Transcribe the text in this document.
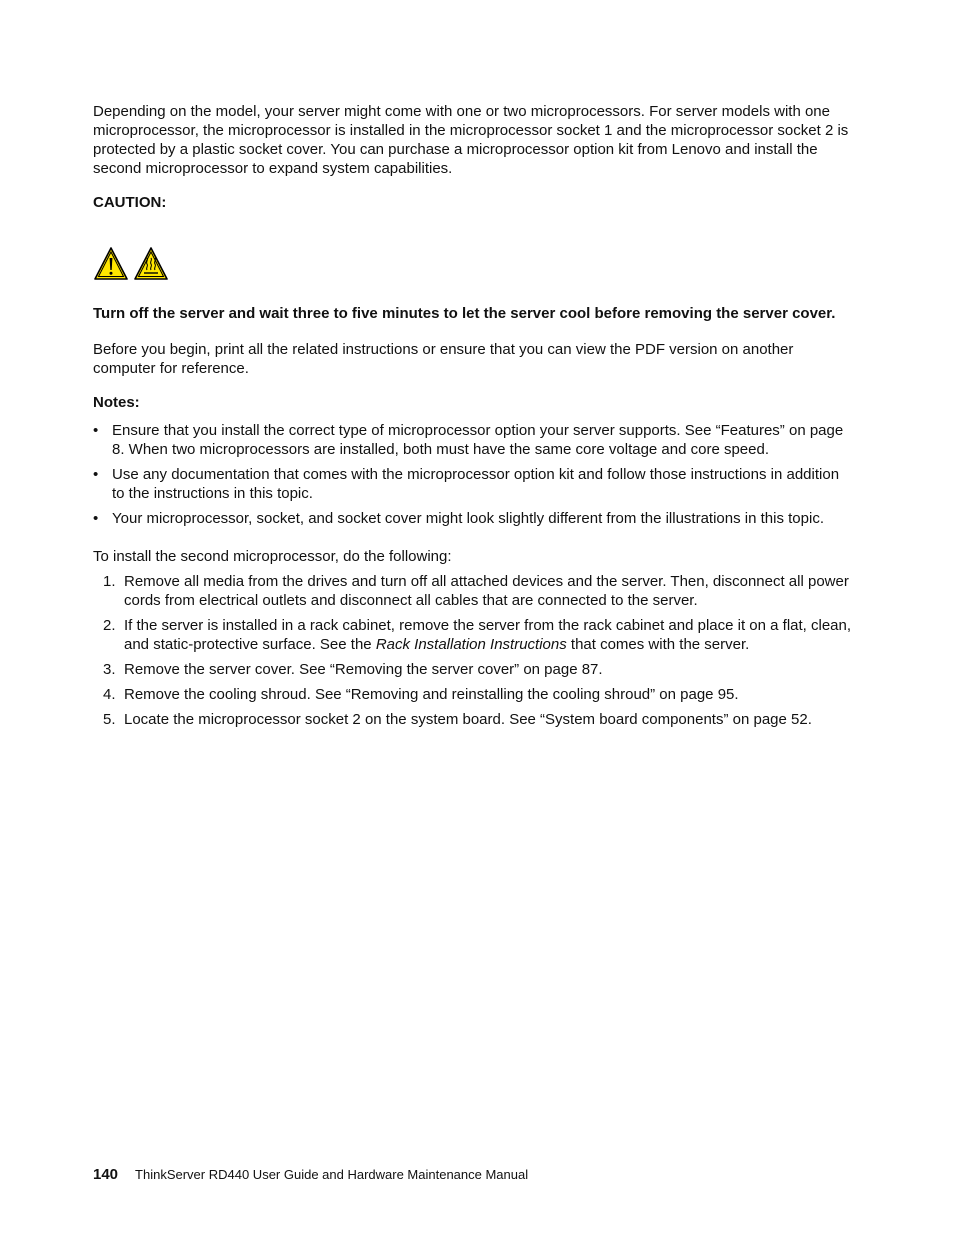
Depending on the model, your server might come with one or two microprocessors. For server models with one microprocessor, the microprocessor is installed in the microprocessor socket 1 and the microprocessor socket 2 is protected by a plastic socket cover. You can purchase a microprocessor option kit from Lenovo and install the second microprocessor to expand system capabilities.

CAUTION:

Turn off the server and wait three to five minutes to let the server cool before removing the server cover.

Before you begin, print all the related instructions or ensure that you can view the PDF version on another computer for reference.

Notes:

• Ensure that you install the correct type of microprocessor option your server supports. See “Features” on page 8. When two microprocessors are installed, both must have the same core voltage and core speed.
• Use any documentation that comes with the microprocessor option kit and follow those instructions in addition to the instructions in this topic.
• Your microprocessor, socket, and socket cover might look slightly different from the illustrations in this topic.

To install the second microprocessor, do the following:

1. Remove all media from the drives and turn off all attached devices and the server. Then, disconnect all power cords from electrical outlets and disconnect all cables that are connected to the server.
2. If the server is installed in a rack cabinet, remove the server from the rack cabinet and place it on a flat, clean, and static-protective surface. See the Rack Installation Instructions that comes with the server.
3. Remove the server cover. See “Removing the server cover” on page 87.
4. Remove the cooling shroud. See “Removing and reinstalling the cooling shroud” on page 95.
5. Locate the microprocessor socket 2 on the system board. See “System board components” on page 52.
140 ThinkServer RD440 User Guide and Hardware Maintenance Manual
